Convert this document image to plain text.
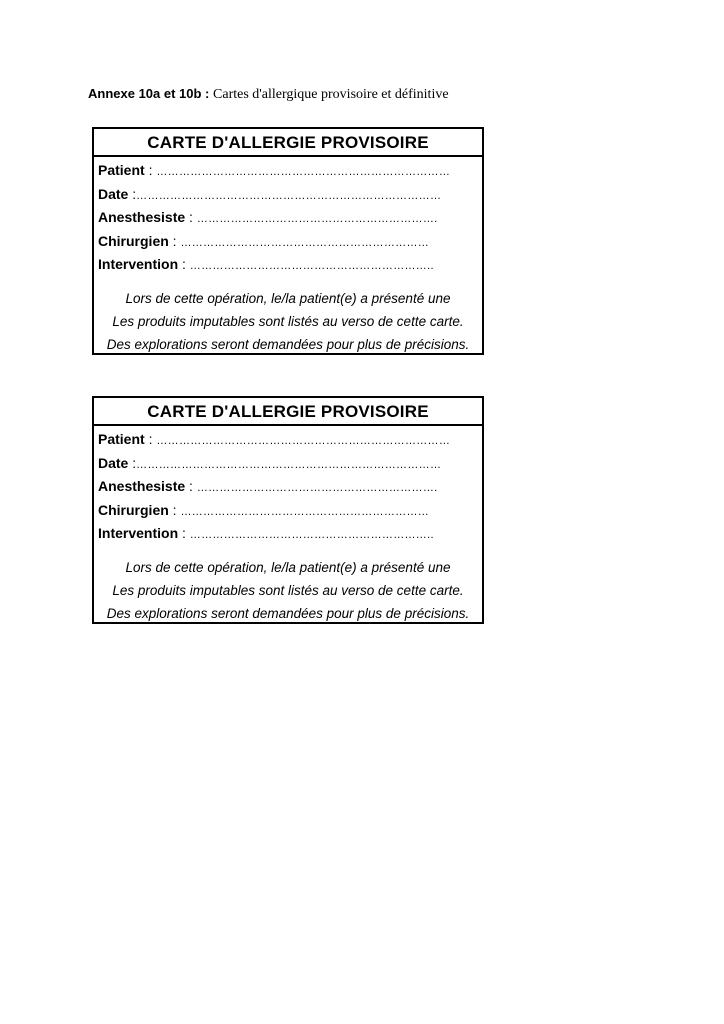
Annexe 10a et 10b : Cartes d'allergique provisoire et définitive
CARTE D'ALLERGIE PROVISOIRE
Patient : ……………………………………………………………………
Date :………………………………………………………………………
Anesthesiste : ……………………………………………………….
Chirurgien : …………………………………………………………
Intervention : ………………………………………………………..
Lors de cette opération, le/la patient(e) a présenté une
Les produits imputables sont listés au verso de cette carte.
Des explorations seront demandées pour plus de précisions.
CARTE D'ALLERGIE PROVISOIRE
Patient : ……………………………………………………………………
Date :………………………………………………………………………
Anesthesiste : ……………………………………………………….
Chirurgien : …………………………………………………………
Intervention : ………………………………………………………..
Lors de cette opération, le/la patient(e) a présenté une
Les produits imputables sont listés au verso de cette carte.
Des explorations seront demandées pour plus de précisions.
